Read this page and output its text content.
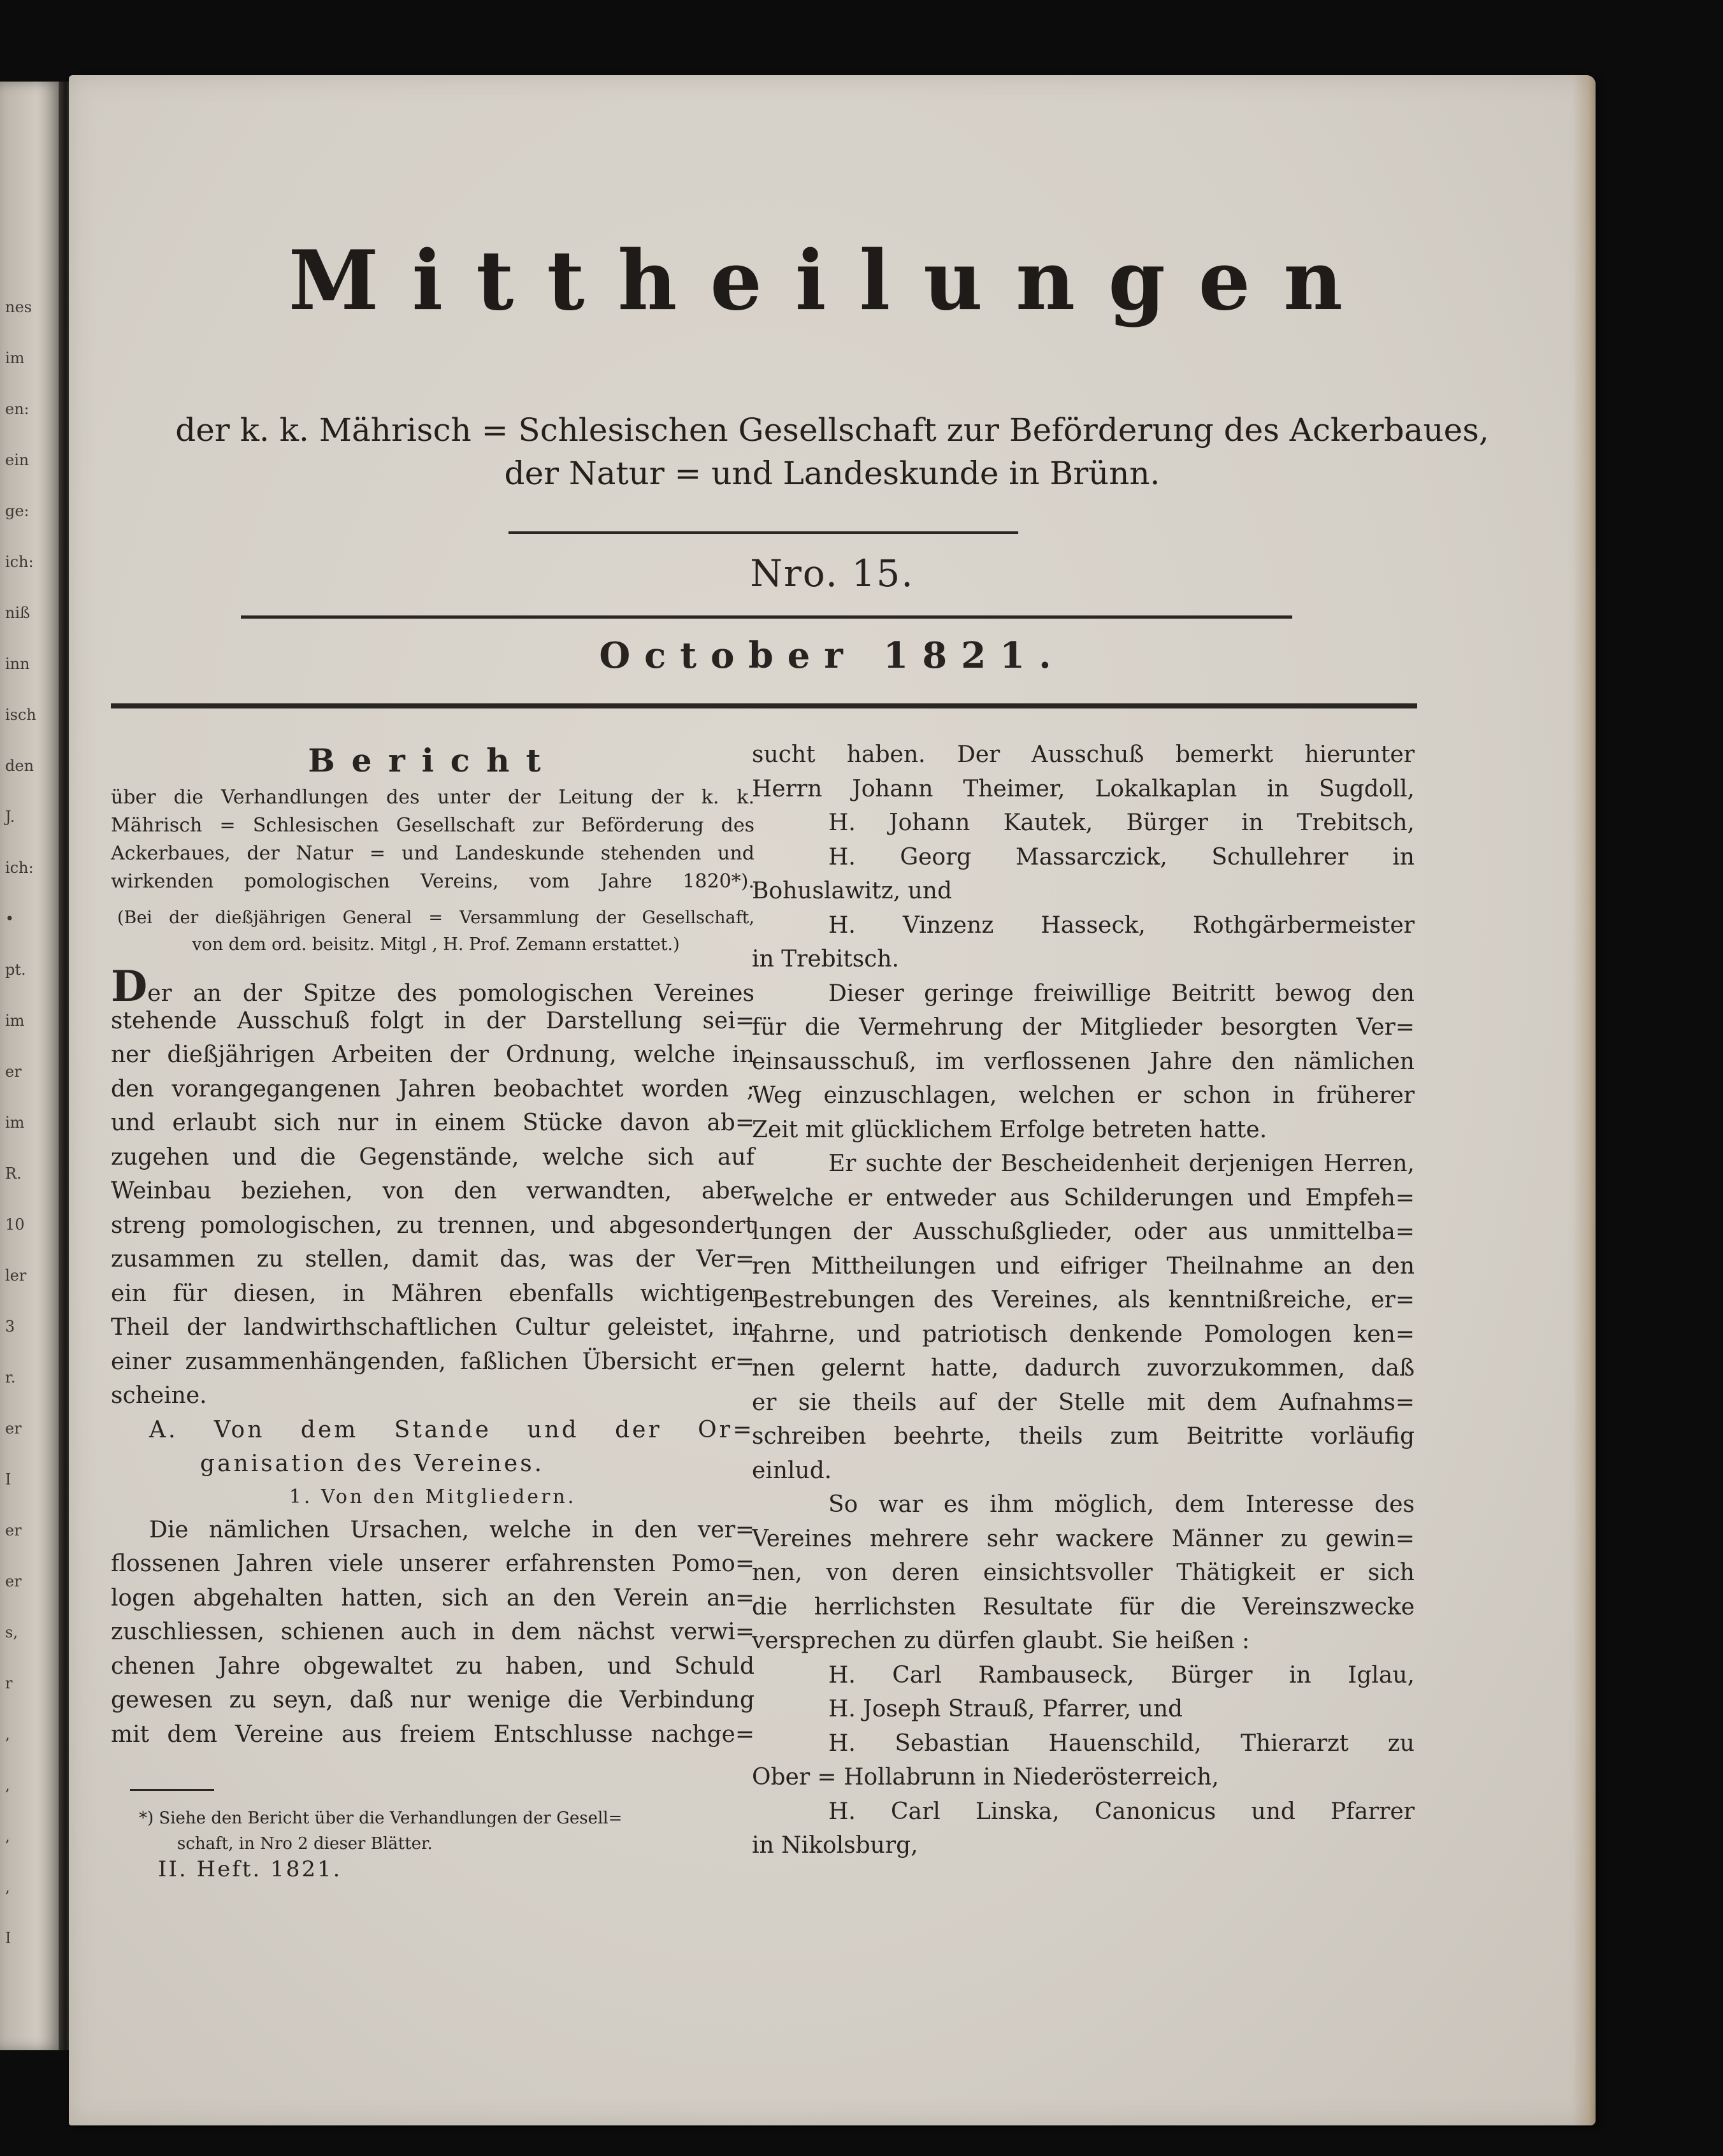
nes
im
en:
ein
ge:
ich:
niß
inn
isch
den
J.
ich:
•
pt.
im
er
im
R.
10
ler
3
r.
er
I
er
er
s,
r
,
,
,
,
I
Mittheilungen
der k. k. Mährisch = Schlesischen Gesellschaft zur Beförderung des Ackerbaues,
der Natur = und Landeskunde in Brünn.
Nro. 15.
October 1821.
Bericht
über die Verhandlungen des unter der Leitung der k. k.
Mährisch = Schlesischen Gesellschaft zur Beförderung des
Ackerbaues, der Natur = und Landeskunde stehenden und
wirkenden pomologischen Vereins, vom Jahre 1820*).
(Bei der dießjährigen General = Versammlung der Gesellschaft,
von dem ord. beisitz. Mitgl , H. Prof. Zemann erstattet.)
Der an der Spitze des pomologischen Vereines
stehende Ausschuß folgt in der Darstellung sei=
ner dießjährigen Arbeiten der Ordnung, welche in
den vorangegangenen Jahren beobachtet worden ;
und erlaubt sich nur in einem Stücke davon ab=
zugehen und die Gegenstände, welche sich auf
Weinbau beziehen, von den verwandten, aber
streng pomologischen, zu trennen, und abgesondert
zusammen zu stellen, damit das, was der Ver=
ein für diesen, in Mähren ebenfalls wichtigen
Theil der landwirthschaftlichen Cultur geleistet, in
einer zusammenhängenden, faßlichen Übersicht er=
scheine.
A. Von dem Stande und der Or=
ganisation des Vereines.
1. Von den Mitgliedern.
Die nämlichen Ursachen, welche in den ver=
flossenen Jahren viele unserer erfahrensten Pomo=
logen abgehalten hatten, sich an den Verein an=
zuschliessen, schienen auch in dem nächst verwi=
chenen Jahre obgewaltet zu haben, und Schuld
gewesen zu seyn, daß nur wenige die Verbindung
mit dem Vereine aus freiem Entschlusse nachge=
*) Siehe den Bericht über die Verhandlungen der Gesell=
schaft, in Nro 2 dieser Blätter.
II. Heft. 1821.
sucht haben. Der Ausschuß bemerkt hierunter
Herrn Johann Theimer, Lokalkaplan in Sugdoll,
H. Johann Kautek, Bürger in Trebitsch,
H. Georg Massarczick, Schullehrer in
Bohuslawitz, und
H. Vinzenz Hasseck, Rothgärbermeister
in Trebitsch.
Dieser geringe freiwillige Beitritt bewog den
für die Vermehrung der Mitglieder besorgten Ver=
einsausschuß, im verflossenen Jahre den nämlichen
Weg einzuschlagen, welchen er schon in früherer
Zeit mit glücklichem Erfolge betreten hatte.
Er suchte der Bescheidenheit derjenigen Herren,
welche er entweder aus Schilderungen und Empfeh=
lungen der Ausschußglieder, oder aus unmittelba=
ren Mittheilungen und eifriger Theilnahme an den
Bestrebungen des Vereines, als kenntnißreiche, er=
fahrne, und patriotisch denkende Pomologen ken=
nen gelernt hatte, dadurch zuvorzukommen, daß
er sie theils auf der Stelle mit dem Aufnahms=
schreiben beehrte, theils zum Beitritte vorläufig
einlud.
So war es ihm möglich, dem Interesse des
Vereines mehrere sehr wackere Männer zu gewin=
nen, von deren einsichtsvoller Thätigkeit er sich
die herrlichsten Resultate für die Vereinszwecke
versprechen zu dürfen glaubt. Sie heißen :
H. Carl Rambauseck, Bürger in Iglau,
H. Joseph Strauß, Pfarrer, und
H. Sebastian Hauenschild, Thierarzt zu
Ober = Hollabrunn in Niederösterreich,
H. Carl Linska, Canonicus und Pfarrer
in Nikolsburg,
